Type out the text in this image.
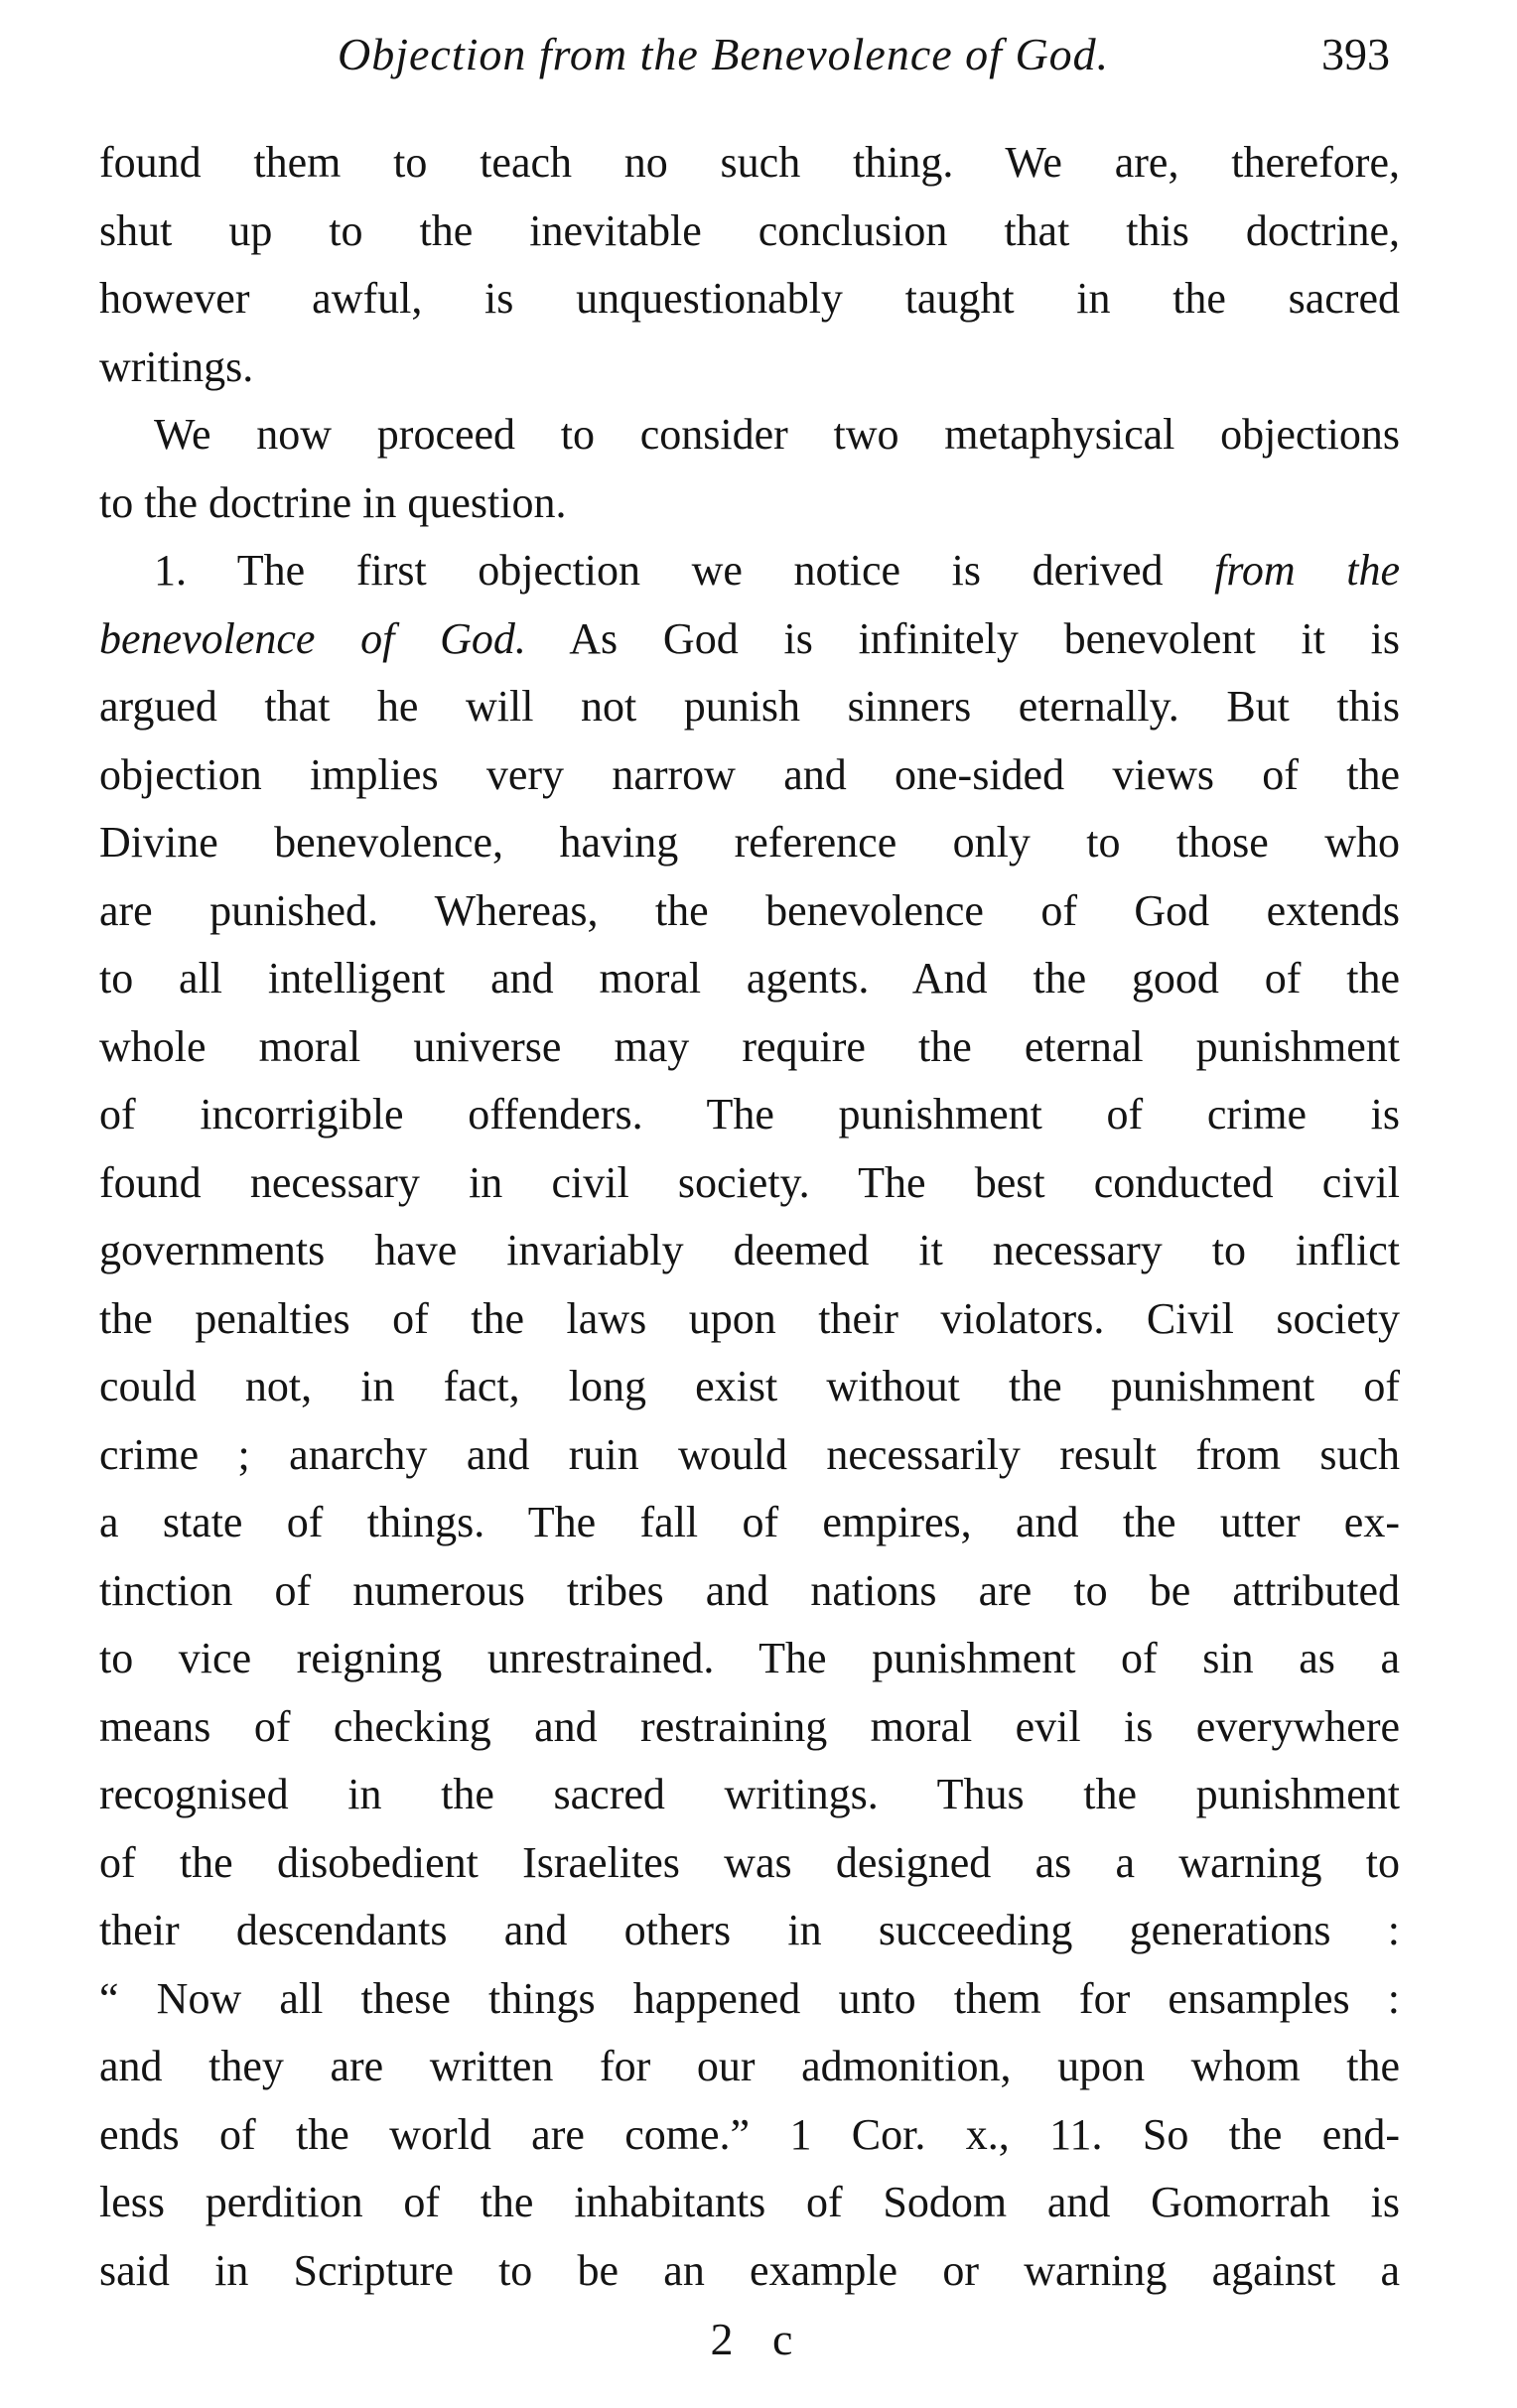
Objection from the Benevolence of God.	393
found them to teach no such thing. We are, therefore,
shut up to the inevitable conclusion that this doctrine,
however awful, is unquestionably taught in the sacred
writings.
We now proceed to consider two metaphysical objections
to the doctrine in question.
1. The first objection we notice is derived from the
benevolence of God. As God is infinitely benevolent it is
argued that he will not punish sinners eternally. But this
objection implies very narrow and one-sided views of the
Divine benevolence, having reference only to those who
are punished. Whereas, the benevolence of God extends
to all intelligent and moral agents. And the good of the
whole moral universe may require the eternal punishment
of incorrigible offenders. The punishment of crime is
found necessary in civil society. The best conducted civil
governments have invariably deemed it necessary to inflict
the penalties of the laws upon their violators. Civil society
could not, in fact, long exist without the punishment of
crime ; anarchy and ruin would necessarily result from such
a state of things. The fall of empires, and the utter ex-
tinction of numerous tribes and nations are to be attributed
to vice reigning unrestrained. The punishment of sin as a
means of checking and restraining moral evil is everywhere
recognised in the sacred writings. Thus the punishment
of the disobedient Israelites was designed as a warning to
their descendants and others in succeeding generations :
“ Now all these things happened unto them for ensamples :
and they are written for our admonition, upon whom the
ends of the world are come.” 1 Cor. x., 11. So the end-
less perdition of the inhabitants of Sodom and Gomorrah is
said in Scripture to be an example or warning against a
2 c
